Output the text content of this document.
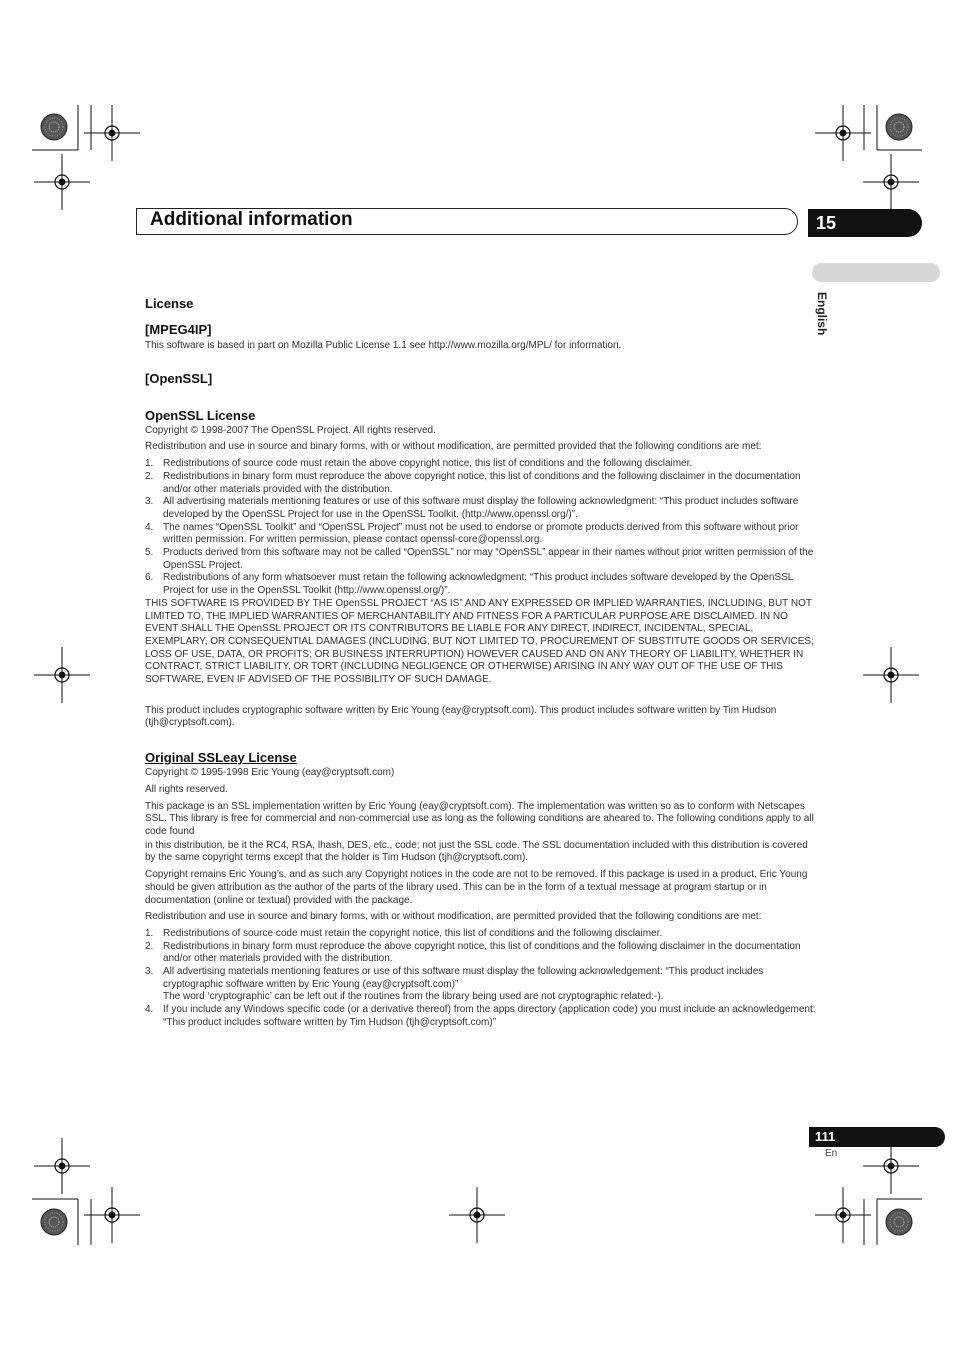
Additional information	15
English
License
[MPEG4IP]

This software is based in part on Mozilla Public License 1.1 see http://www.mozilla.org/MPL/ for information.

[OpenSSL]
OpenSSL License

Copyright © 1998-2007 The OpenSSL Project. All rights reserved.

Redistribution and use in source and binary forms, with or without modification, are permitted provided that the following conditions are met:

1. Redistributions of source code must retain the above copyright notice, this list of conditions and the following disclaimer.
2. Redistributions in binary form must reproduce the above copyright notice, this list of conditions and the following disclaimer in the documentation and/or other materials provided with the distribution.
3. All advertising materials mentioning features or use of this software must display the following acknowledgment: “This product includes software developed by the OpenSSL Project for use in the OpenSSL Toolkit. (http://www.openssl.org/)”.
4. The names “OpenSSL Toolkit” and “OpenSSL Project” must not be used to endorse or promote products derived from this software without prior written permission. For written permission, please contact openssl-core@openssl.org.
5. Products derived from this software may not be called “OpenSSL” nor may “OpenSSL” appear in their names without prior written permission of the OpenSSL Project.
6. Redistributions of any form whatsoever must retain the following acknowledgment: “This product includes software developed by the OpenSSL Project for use in the OpenSSL Toolkit (http://www.openssl.org/)”.

THIS SOFTWARE IS PROVIDED BY THE OpenSSL PROJECT “AS IS” AND ANY EXPRESSED OR IMPLIED WARRANTIES, INCLUDING, BUT NOT LIMITED TO, THE IMPLIED WARRANTIES OF MERCHANTABILITY AND FITNESS FOR A PARTICULAR PURPOSE ARE DISCLAIMED. IN NO EVENT SHALL THE OpenSSL PROJECT OR ITS CONTRIBUTORS BE LIABLE FOR ANY DIRECT, INDIRECT, INCIDENTAL, SPECIAL, EXEMPLARY, OR CONSEQUENTIAL DAMAGES (INCLUDING, BUT NOT LIMITED TO, PROCUREMENT OF SUBSTITUTE GOODS OR SERVICES; LOSS OF USE, DATA, OR PROFITS; OR BUSINESS INTERRUPTION) HOWEVER CAUSED AND ON ANY THEORY OF LIABILITY, WHETHER IN CONTRACT, STRICT LIABILITY, OR TORT (INCLUDING NEGLIGENCE OR OTHERWISE) ARISING IN ANY WAY OUT OF THE USE OF THIS SOFTWARE, EVEN IF ADVISED OF THE POSSIBILITY OF SUCH DAMAGE.

This product includes cryptographic software written by Eric Young (eay@cryptsoft.com). This product includes software written by Tim Hudson (tjh@cryptsoft.com).

Original SSLeay License

Copyright © 1995-1998 Eric Young (eay@cryptsoft.com)

All rights reserved.

This package is an SSL implementation written by Eric Young (eay@cryptsoft.com). The implementation was written so as to conform with Netscapes SSL. This library is free for commercial and non-commercial use as long as the following conditions are aheared to. The following conditions apply to all code found

in this distribution, be it the RC4, RSA, lhash, DES, etc., code; not just the SSL code. The SSL documentation included with this distribution is covered by the same copyright terms except that the holder is Tim Hudson (tjh@cryptsoft.com).

Copyright remains Eric Young’s, and as such any Copyright notices in the code are not to be removed. If this package is used in a product, Eric Young should be given attribution as the author of the parts of the library used. This can be in the form of a textual message at program startup or in documentation (online or textual) provided with the package.

Redistribution and use in source and binary forms, with or without modification, are permitted provided that the following conditions are met:

1. Redistributions of source code must retain the copyright notice, this list of conditions and the following disclaimer.
2. Redistributions in binary form must reproduce the above copyright notice, this list of conditions and the following disclaimer in the documentation and/or other materials provided with the distribution.
3. All advertising materials mentioning features or use of this software must display the following acknowledgement: “This product includes cryptographic software written by Eric Young (eay@cryptsoft.com)”
The word ‘cryptographic’ can be left out if the routines from the library being used are not cryptographic related:-).
4. If you include any Windows specific code (or a derivative thereof) from the apps directory (application code) you must include an acknowledgement: “This product includes software written by Tim Hudson (tjh@cryptsoft.com)”
111
En
